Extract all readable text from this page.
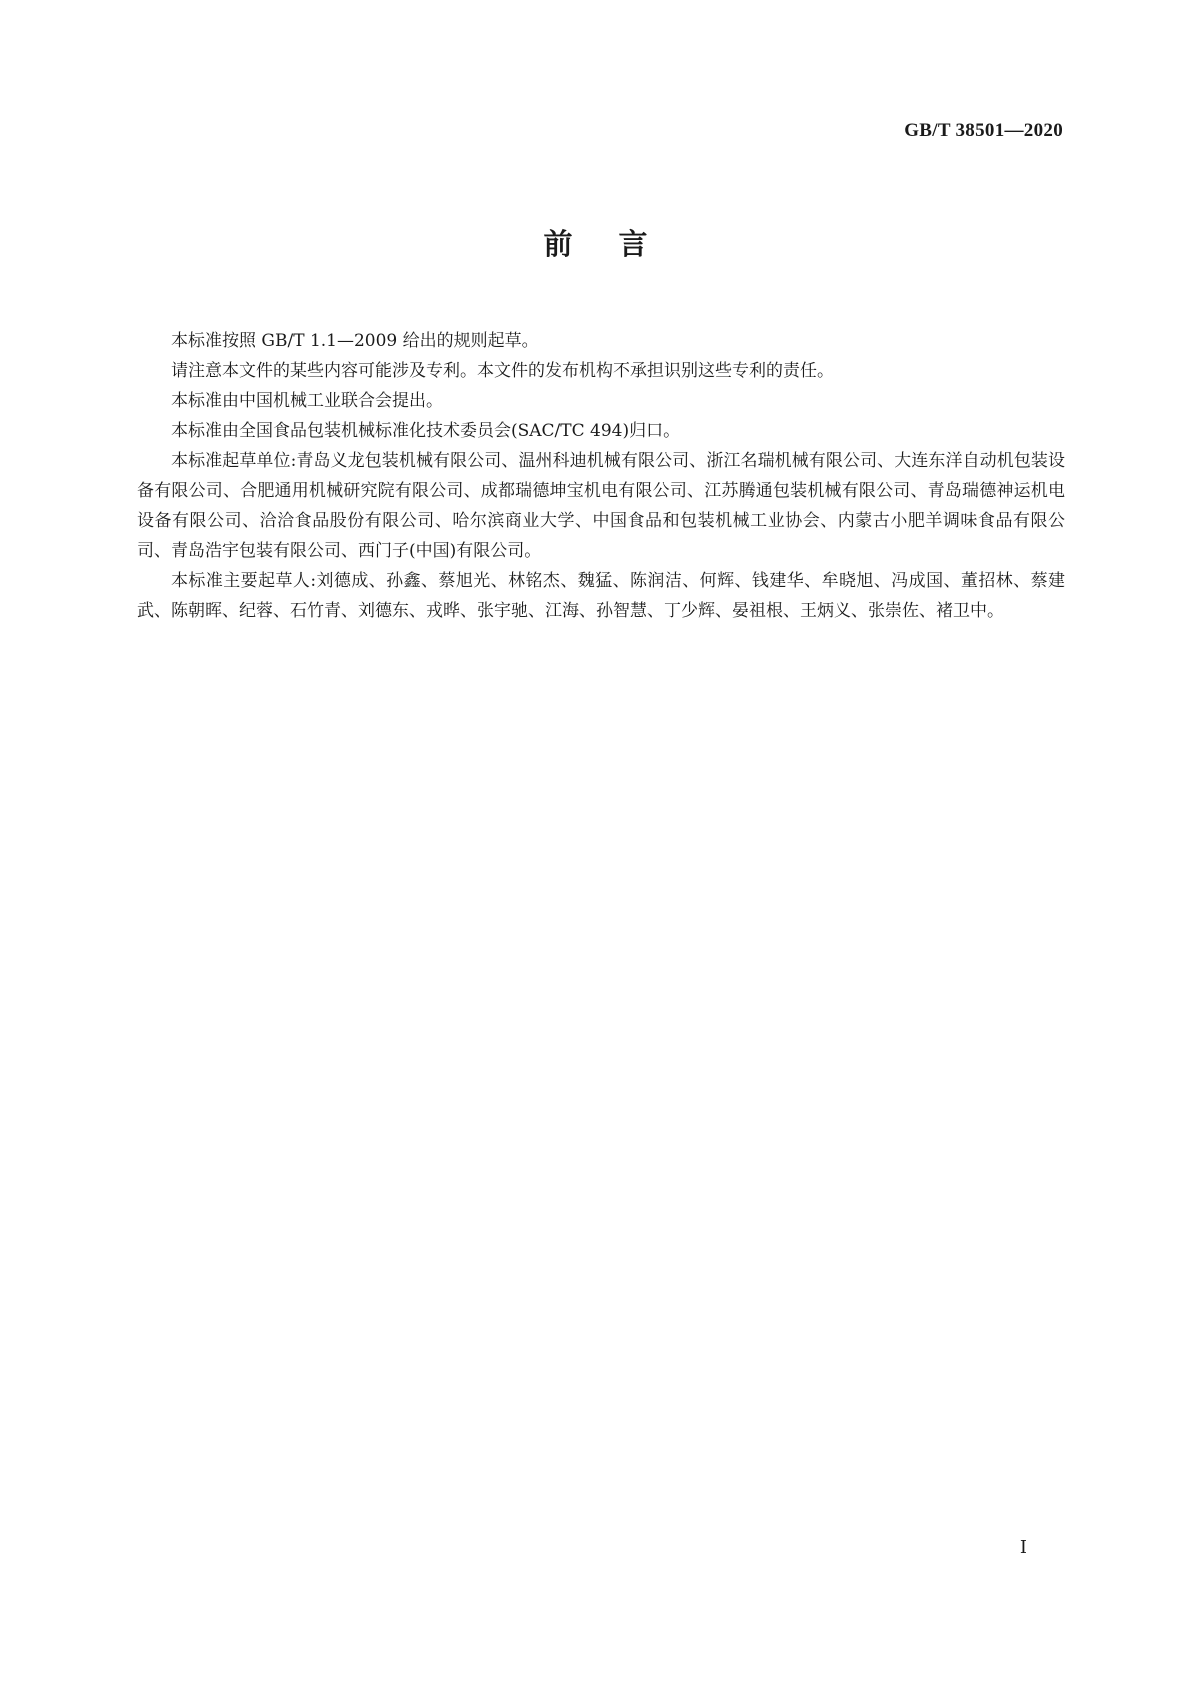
GB/T 38501—2020
前言

本标准按照 GB/T 1.1—2009 给出的规则起草。

请注意本文件的某些内容可能涉及专利。本文件的发布机构不承担识别这些专利的责任。

本标准由中国机械工业联合会提出。

本标准由全国食品包装机械标准化技术委员会(SAC/TC 494)归口。

本标准起草单位:青岛义龙包装机械有限公司、温州科迪机械有限公司、浙江名瑞机械有限公司、大连东洋自动机包装设备有限公司、合肥通用机械研究院有限公司、成都瑞德坤宝机电有限公司、江苏腾通包装机械有限公司、青岛瑞德神运机电设备有限公司、洽洽食品股份有限公司、哈尔滨商业大学、中国食品和包装机械工业协会、内蒙古小肥羊调味食品有限公司、青岛浩宇包装有限公司、西门子(中国)有限公司。

本标准主要起草人:刘德成、孙鑫、蔡旭光、林铭杰、魏猛、陈润洁、何辉、钱建华、牟晓旭、冯成国、董招林、蔡建武、陈朝晖、纪蓉、石竹青、刘德东、戎晔、张宇驰、江海、孙智慧、丁少辉、晏祖根、王炳义、张崇佐、褚卫中。

I
